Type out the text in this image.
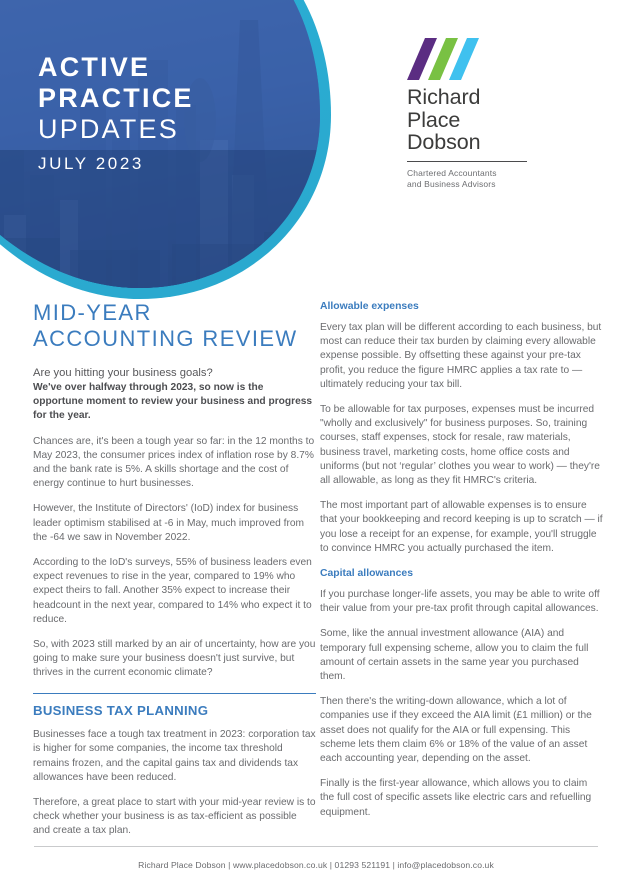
ACTIVE
PRACTICE
UPDATES
JULY 2023
Richard
Place
Dobson
Chartered Accountants
and Business Advisors
MID-YEAR
ACCOUNTING REVIEW
Are you hitting your business goals?

We've over halfway through 2023, so now is the opportune moment to review your business and progress for the year.

Chances are, it's been a tough year so far: in the 12 months to May 2023, the consumer prices index of inflation rose by 8.7% and the bank rate is 5%. A skills shortage and the cost of energy continue to hurt businesses.

However, the Institute of Directors' (IoD) index for business leader optimism stabilised at -6 in May, much improved from the -64 we saw in November 2022.

According to the IoD's surveys, 55% of business leaders even expect revenues to rise in the year, compared to 19% who expect theirs to fall. Another 35% expect to increase their headcount in the next year, compared to 14% who expect it to reduce.

So, with 2023 still marked by an air of uncertainty, how are you going to make sure your business doesn't just survive, but thrives in the current economic climate?

BUSINESS TAX PLANNING

Businesses face a tough tax treatment in 2023: corporation tax is higher for some companies, the income tax threshold remains frozen, and the capital gains tax and dividends tax allowances have been reduced.

Therefore, a great place to start with your mid-year review is to check whether your business is as tax-efficient as possible and create a tax plan.

Allowable expenses

Every tax plan will be different according to each business, but most can reduce their tax burden by claiming every allowable expense possible. By offsetting these against your pre-tax profit, you reduce the figure HMRC applies a tax rate to — ultimately reducing your tax bill.

To be allowable for tax purposes, expenses must be incurred "wholly and exclusively" for business purposes. So, training courses, staff expenses, stock for resale, raw materials, business travel, marketing costs, home office costs and uniforms (but not ‘regular’ clothes you wear to work) — they're all allowable, as long as they fit HMRC's criteria.

The most important part of allowable expenses is to ensure that your bookkeeping and record keeping is up to scratch — if you lose a receipt for an expense, for example, you'll struggle to convince HMRC you actually purchased the item.

Capital allowances

If you purchase longer-life assets, you may be able to write off their value from your pre-tax profit through capital allowances.

Some, like the annual investment allowance (AIA) and temporary full expensing scheme, allow you to claim the full amount of certain assets in the same year you purchased them.

Then there's the writing-down allowance, which a lot of companies use if they exceed the AIA limit (£1 million) or the asset does not qualify for the AIA or full expensing. This scheme lets them claim 6% or 18% of the value of an asset each accounting year, depending on the asset.

Finally is the first-year allowance, which allows you to claim the full cost of specific assets like electric cars and refuelling equipment.

Richard Place Dobson | www.placedobson.co.uk | 01293 521191 | info@placedobson.co.uk
